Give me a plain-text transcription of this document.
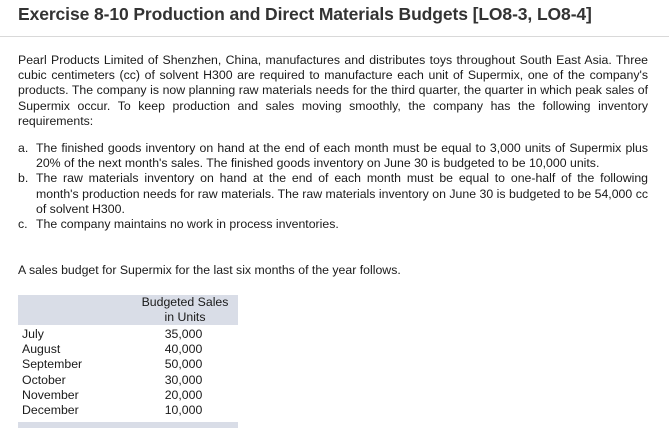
Exercise 8-10 Production and Direct Materials Budgets [LO8-3, LO8-4]

Pearl Products Limited of Shenzhen, China, manufactures and distributes toys throughout South East Asia. Three cubic centimeters (cc) of solvent H300 are required to manufacture each unit of Supermix, one of the company's products. The company is now planning raw materials needs for the third quarter, the quarter in which peak sales of Supermix occur. To keep production and sales moving smoothly, the company has the following inventory requirements:

a. The finished goods inventory on hand at the end of each month must be equal to 3,000 units of Supermix plus 20% of the next month's sales. The finished goods inventory on June 30 is budgeted to be 10,000 units.
b. The raw materials inventory on hand at the end of each month must be equal to one-half of the following month's production needs for raw materials. The raw materials inventory on June 30 is budgeted to be 54,000 cc of solvent H300.
c. The company maintains no work in process inventories.

A sales budget for Supermix for the last six months of the year follows.

Budgeted Sales
in Units
July	35,000
August	40,000
September	50,000
October	30,000
November	20,000
December	10,000
